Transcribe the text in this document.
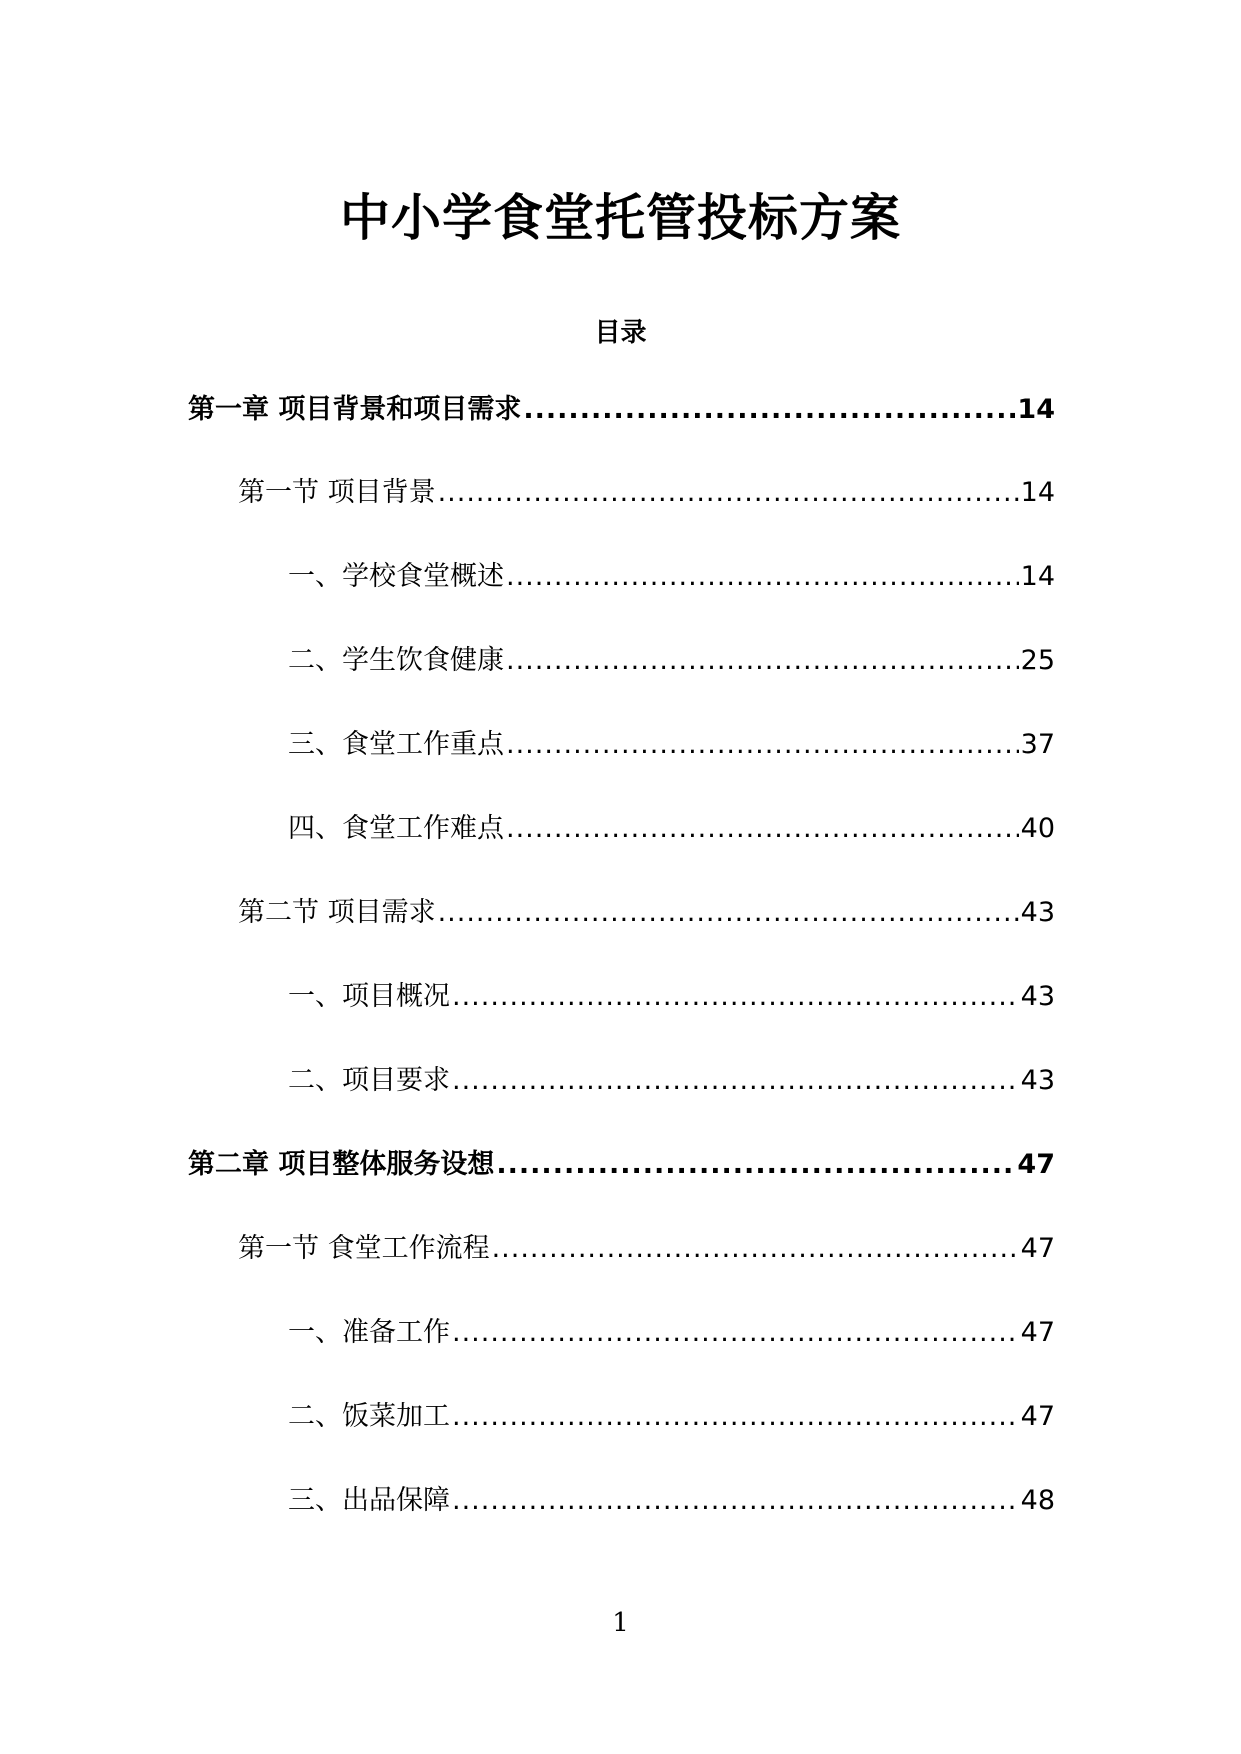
中小学食堂托管投标方案
目录
第一章 项目背景和项目需求 .....	14
第一节 项目背景 .....	14
一、学校食堂概述 .....	14
二、学生饮食健康 .....	25
三、食堂工作重点 .....	37
四、食堂工作难点 .....	40
第二节 项目需求 .....	43
一、项目概况 .....	43
二、项目要求 .....	43
第二章 项目整体服务设想 .....	47
第一节 食堂工作流程 .....	47
一、准备工作 .....	47
二、饭菜加工 .....	47
三、出品保障 .....	48
1
